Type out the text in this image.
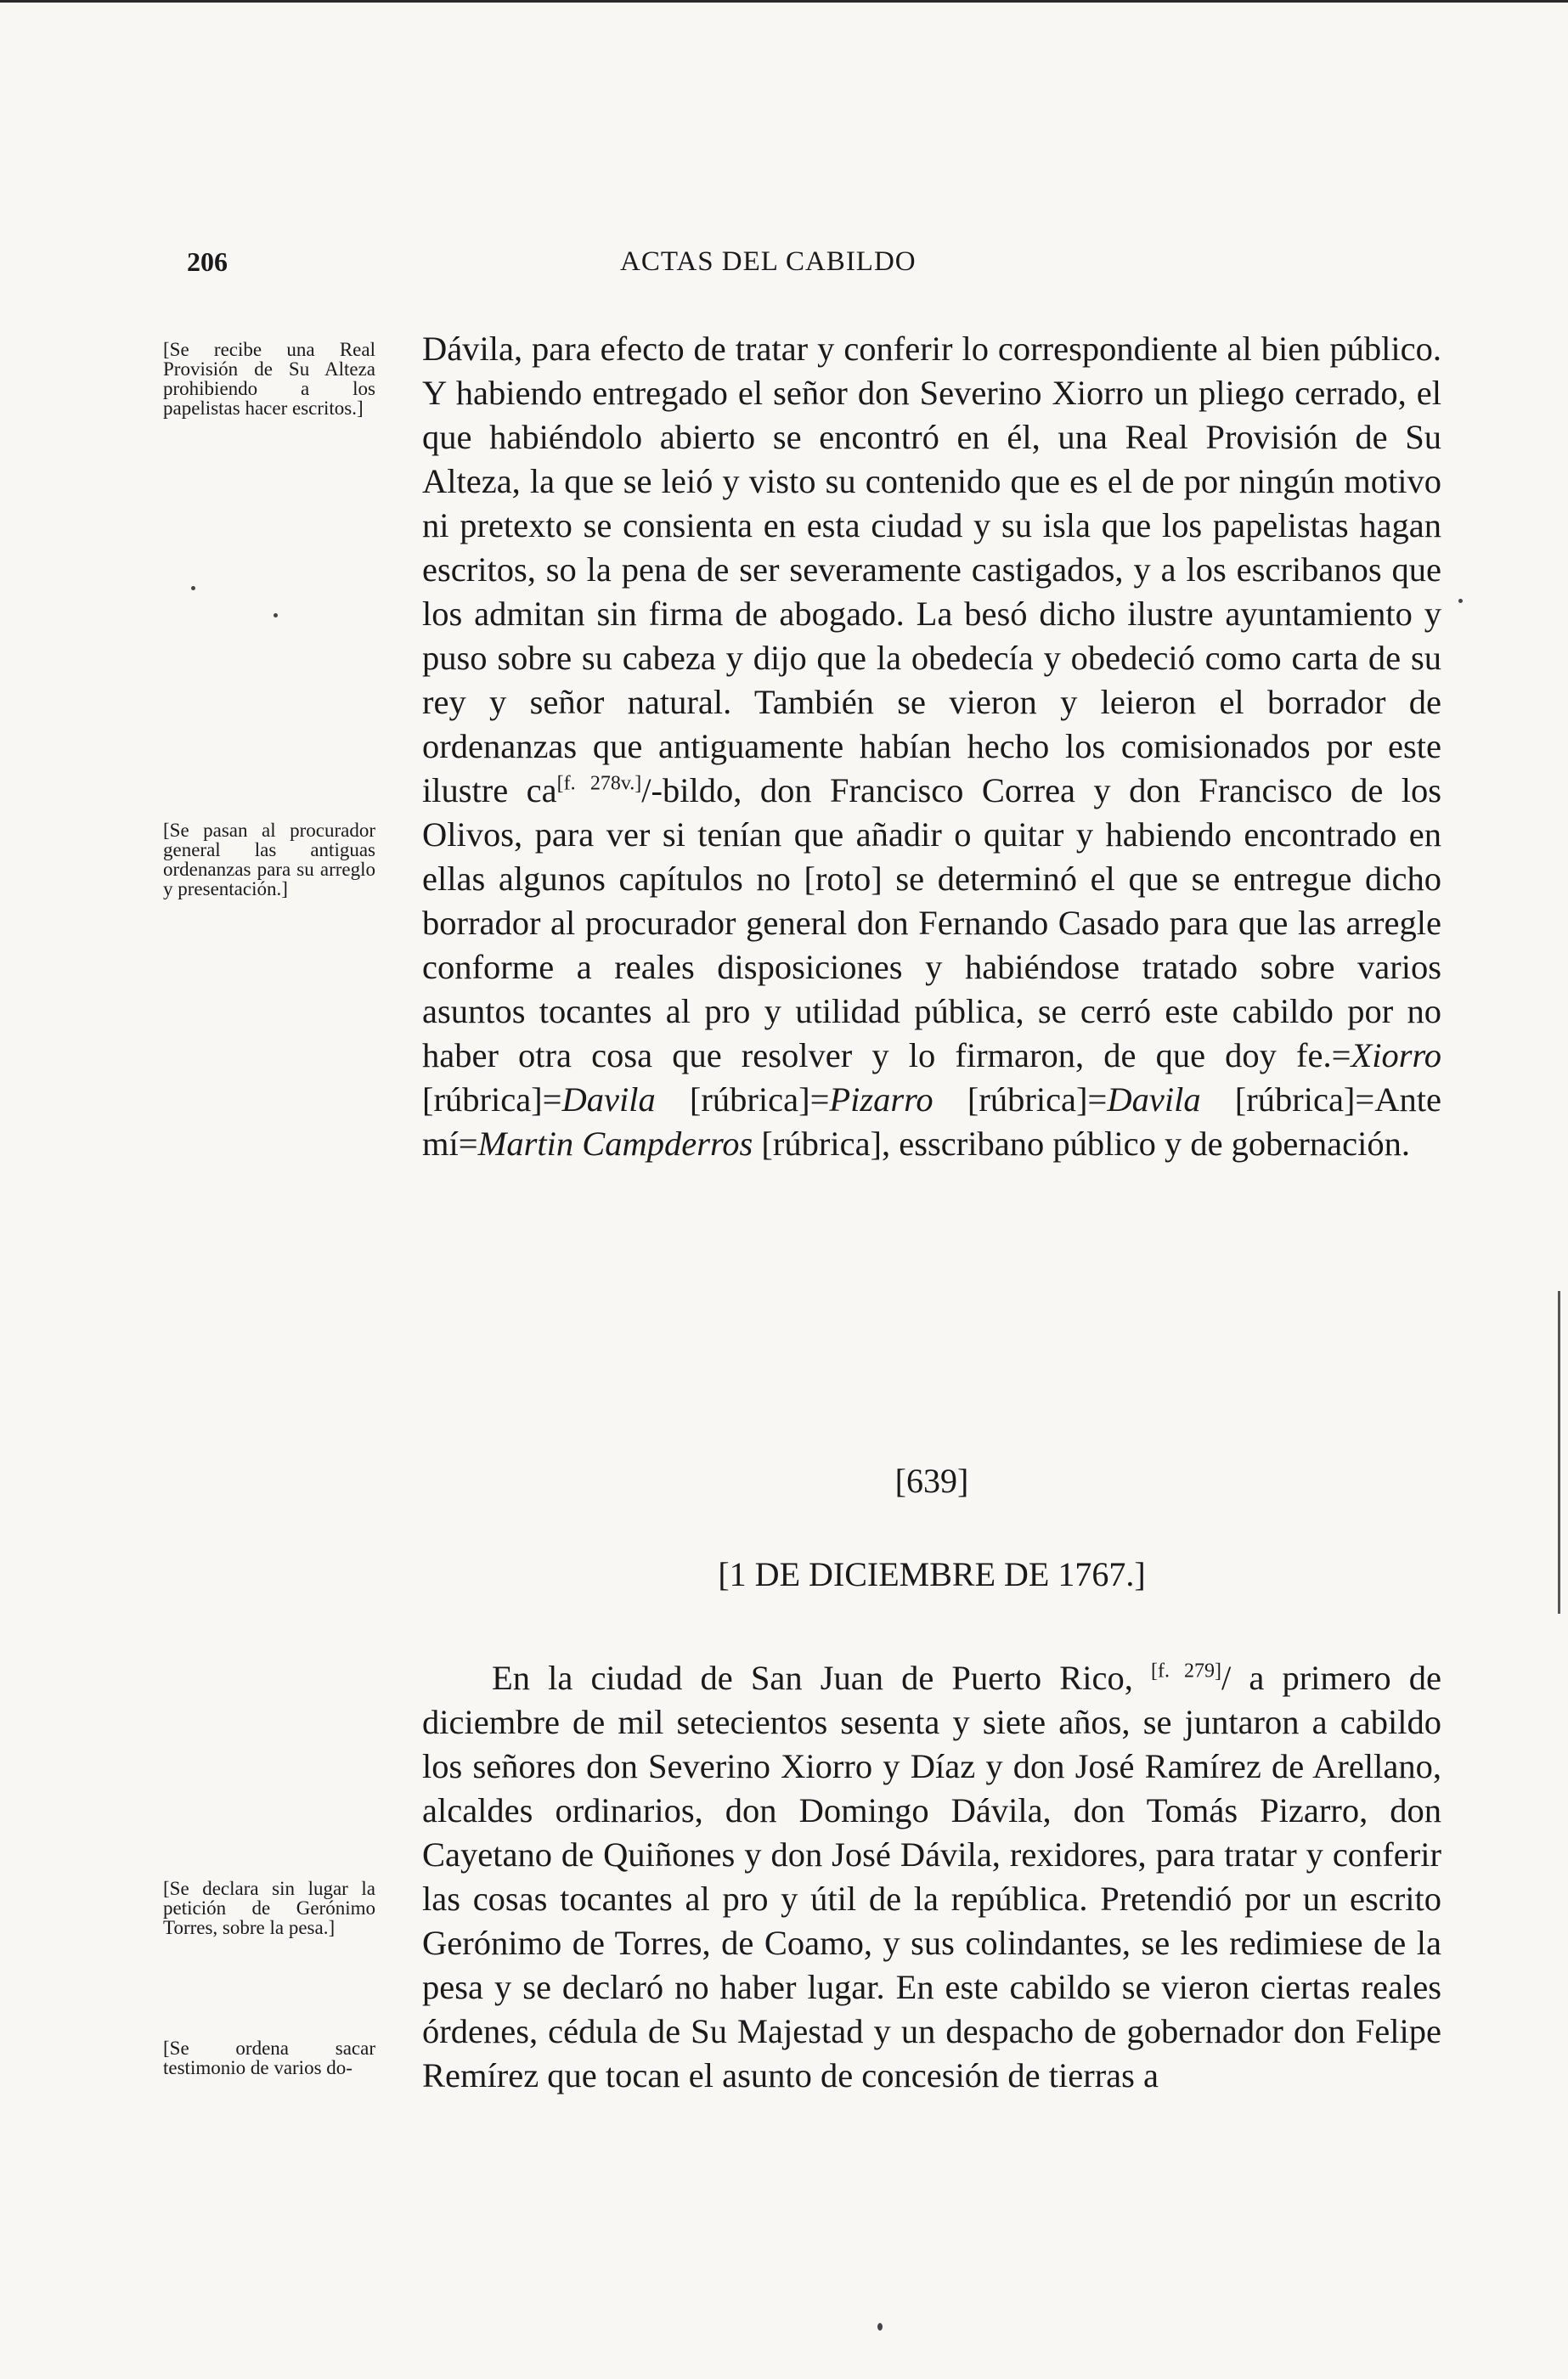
206	ACTAS DEL CABILDO
[Se recibe una Real Provisión de Su Alteza prohibiendo a los papelistas hacer escritos.]
[Se pasan al procurador general las antiguas ordenanzas para su arreglo y presentación.]
[Se declara sin lugar la petición de Gerónimo Torres, sobre la pesa.]
[Se ordena sacar testimonio de varios do-

Dávila, para efecto de tratar y conferir lo correspondiente al bien público. Y habiendo entregado el señor don Severino Xiorro un pliego cerrado, el que habiéndolo abierto se encontró en él, una Real Provisión de Su Alteza, la que se leió y visto su contenido que es el de por ningún motivo ni pretexto se consienta en esta ciudad y su isla que los papelistas hagan escritos, so la pena de ser severamente castigados, y a los escribanos que los admitan sin firma de abogado. La besó dicho ilustre ayuntamiento y puso sobre su cabeza y dijo que la obedecía y obedeció como carta de su rey y señor natural. También se vieron y leieron el borrador de ordenanzas que antiguamente habían hecho los comisionados por este ilustre ca[f. 278v.]/-bildo, don Francisco Correa y don Francisco de los Olivos, para ver si tenían que añadir o quitar y habiendo encontrado en ellas algunos capítulos no [roto] se determinó el que se entregue dicho borrador al procurador general don Fernando Casado para que las arregle conforme a reales disposiciones y habiéndose tratado sobre varios asuntos tocantes al pro y utilidad pública, se cerró este cabildo por no haber otra cosa que resolver y lo firmaron, de que doy fe.=Xiorro [rúbrica]=Davila [rúbrica]=Pizarro [rúbrica]=Davila [rúbrica]=Ante mí=Martin Campderros [rúbrica], esscribano público y de gobernación.

[639]
[1 DE DICIEMBRE DE 1767.]

En la ciudad de San Juan de Puerto Rico, [f. 279]/ a primero de diciembre de mil setecientos sesenta y siete años, se juntaron a cabildo los señores don Severino Xiorro y Díaz y don José Ramírez de Arellano, alcaldes ordinarios, don Domingo Dávila, don Tomás Pizarro, don Cayetano de Quiñones y don José Dávila, rexidores, para tratar y conferir las cosas tocantes al pro y útil de la república. Pretendió por un escrito Gerónimo de Torres, de Coamo, y sus colindantes, se les redimiese de la pesa y se declaró no haber lugar. En este cabildo se vieron ciertas reales órdenes, cédula de Su Majestad y un despacho de gobernador don Felipe Remírez que tocan el asunto de concesión de tierras a
